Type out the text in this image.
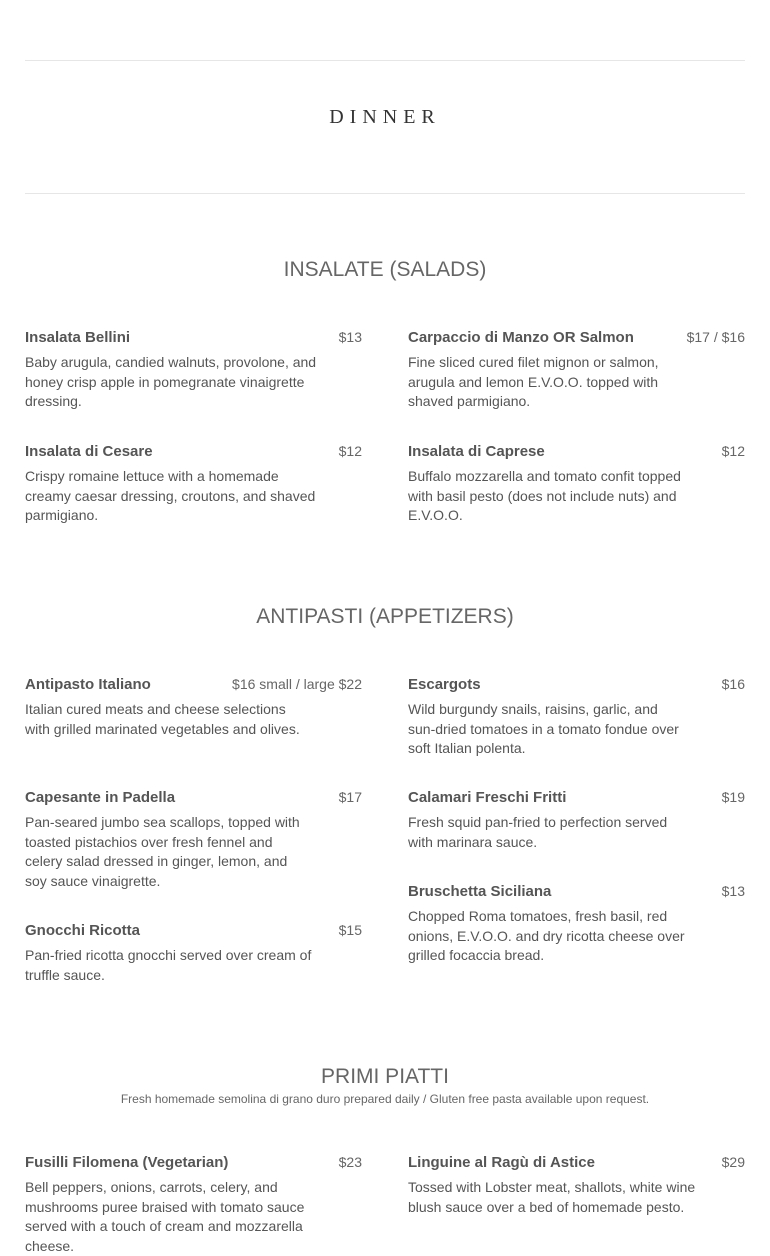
DINNER
INSALATE (SALADS)
Insalata Bellini	$13
Baby arugula, candied walnuts, provolone, and honey crisp apple in pomegranate vinaigrette dressing.
Carpaccio di Manzo OR Salmon	$17 / $16
Fine sliced cured filet mignon or salmon, arugula and lemon E.V.O.O. topped with shaved parmigiano.
Insalata di Cesare	$12
Crispy romaine lettuce with a homemade creamy caesar dressing, croutons, and shaved parmigiano.
Insalata di Caprese	$12
Buffalo mozzarella and tomato confit topped with basil pesto (does not include nuts) and E.V.O.O.
ANTIPASTI (APPETIZERS)
Antipasto Italiano	$16 small / large $22
Italian cured meats and cheese selections with grilled marinated vegetables and olives.
Escargots	$16
Wild burgundy snails, raisins, garlic, and sun-dried tomatoes in a tomato fondue over soft Italian polenta.
Capesante in Padella	$17
Pan-seared jumbo sea scallops, topped with toasted pistachios over fresh fennel and celery salad dressed in ginger, lemon, and soy sauce vinaigrette.
Calamari Freschi Fritti	$19
Fresh squid pan-fried to perfection served with marinara sauce.
Bruschetta Siciliana	$13
Chopped Roma tomatoes, fresh basil, red onions, E.V.O.O. and dry ricotta cheese over grilled focaccia bread.
Gnocchi Ricotta	$15
Pan-fried ricotta gnocchi served over cream of truffle sauce.
PRIMI PIATTI
Fresh homemade semolina di grano duro prepared daily / Gluten free pasta available upon request.
Fusilli Filomena (Vegetarian)	$23
Bell peppers, onions, carrots, celery, and mushrooms puree braised with tomato sauce served with a touch of cream and mozzarella cheese.
Linguine al Ragù di Astice	$29
Tossed with Lobster meat, shallots, white wine blush sauce over a bed of homemade pesto.
